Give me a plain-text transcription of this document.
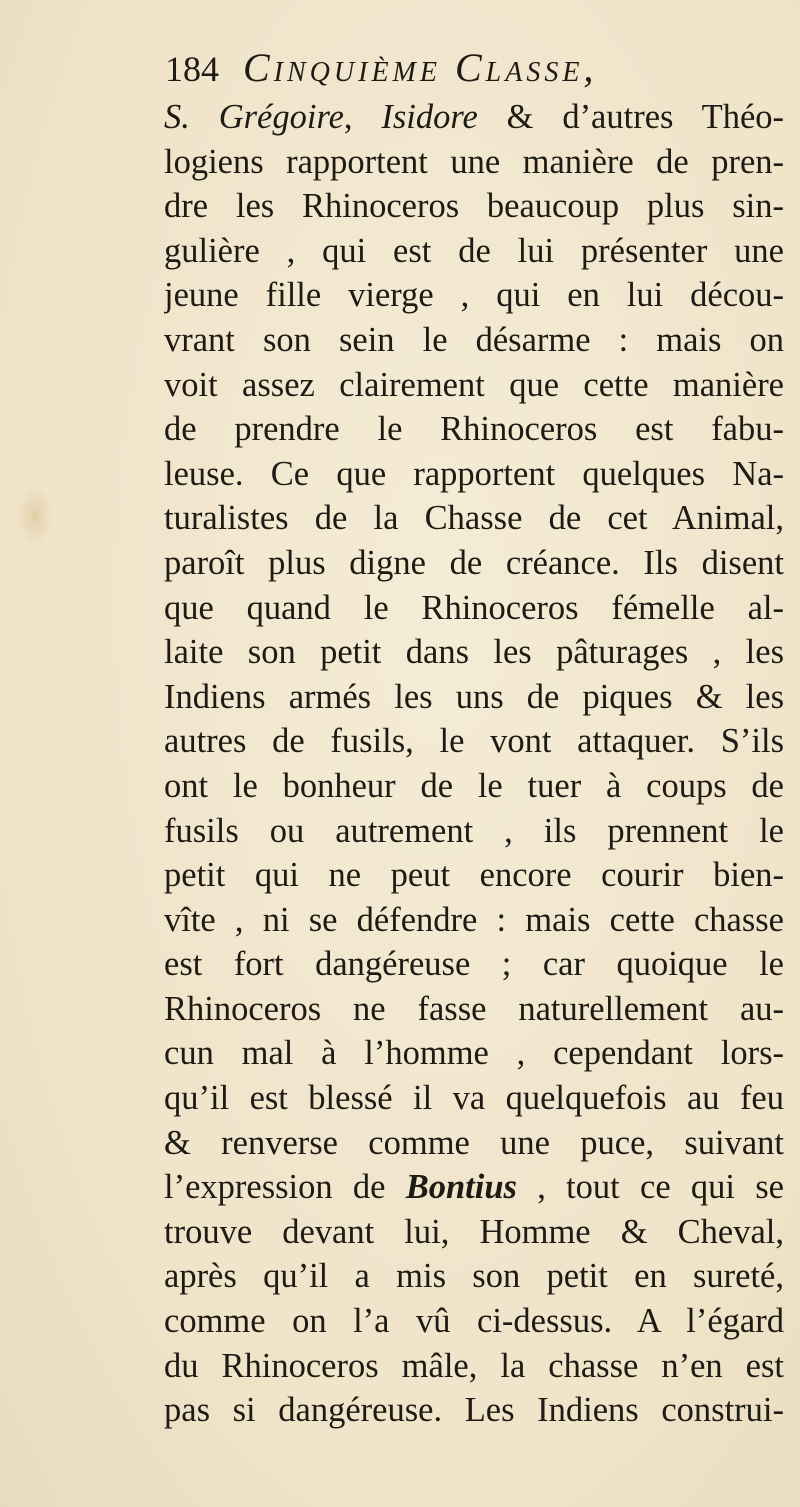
184 Cinquième Classe,
S. Grégoire, Isidore & d’autres Théo-
logiens rapportent une manière de pren-
dre les Rhinoceros beaucoup plus sin-
gulière , qui est de lui présenter une
jeune fille vierge , qui en lui décou-
vrant son sein le désarme : mais on
voit assez clairement que cette manière
de prendre le Rhinoceros est fabu-
leuse. Ce que rapportent quelques Na-
turalistes de la Chasse de cet Animal,
paroît plus digne de créance. Ils disent
que quand le Rhinoceros fémelle al-
laite son petit dans les pâturages , les
Indiens armés les uns de piques & les
autres de fusils, le vont attaquer. S’ils
ont le bonheur de le tuer à coups de
fusils ou autrement , ils prennent le
petit qui ne peut encore courir bien-
vîte , ni se défendre : mais cette chasse
est fort dangéreuse ; car quoique le
Rhinoceros ne fasse naturellement au-
cun mal à l’homme , cependant lors-
qu’il est blessé il va quelquefois au feu
& renverse comme une puce, suivant
l’expression de Bontius , tout ce qui se
trouve devant lui, Homme & Cheval,
après qu’il a mis son petit en sureté,
comme on l’a vû ci-dessus. A l’égard
du Rhinoceros mâle, la chasse n’en est
pas si dangéreuse. Les Indiens construi-
